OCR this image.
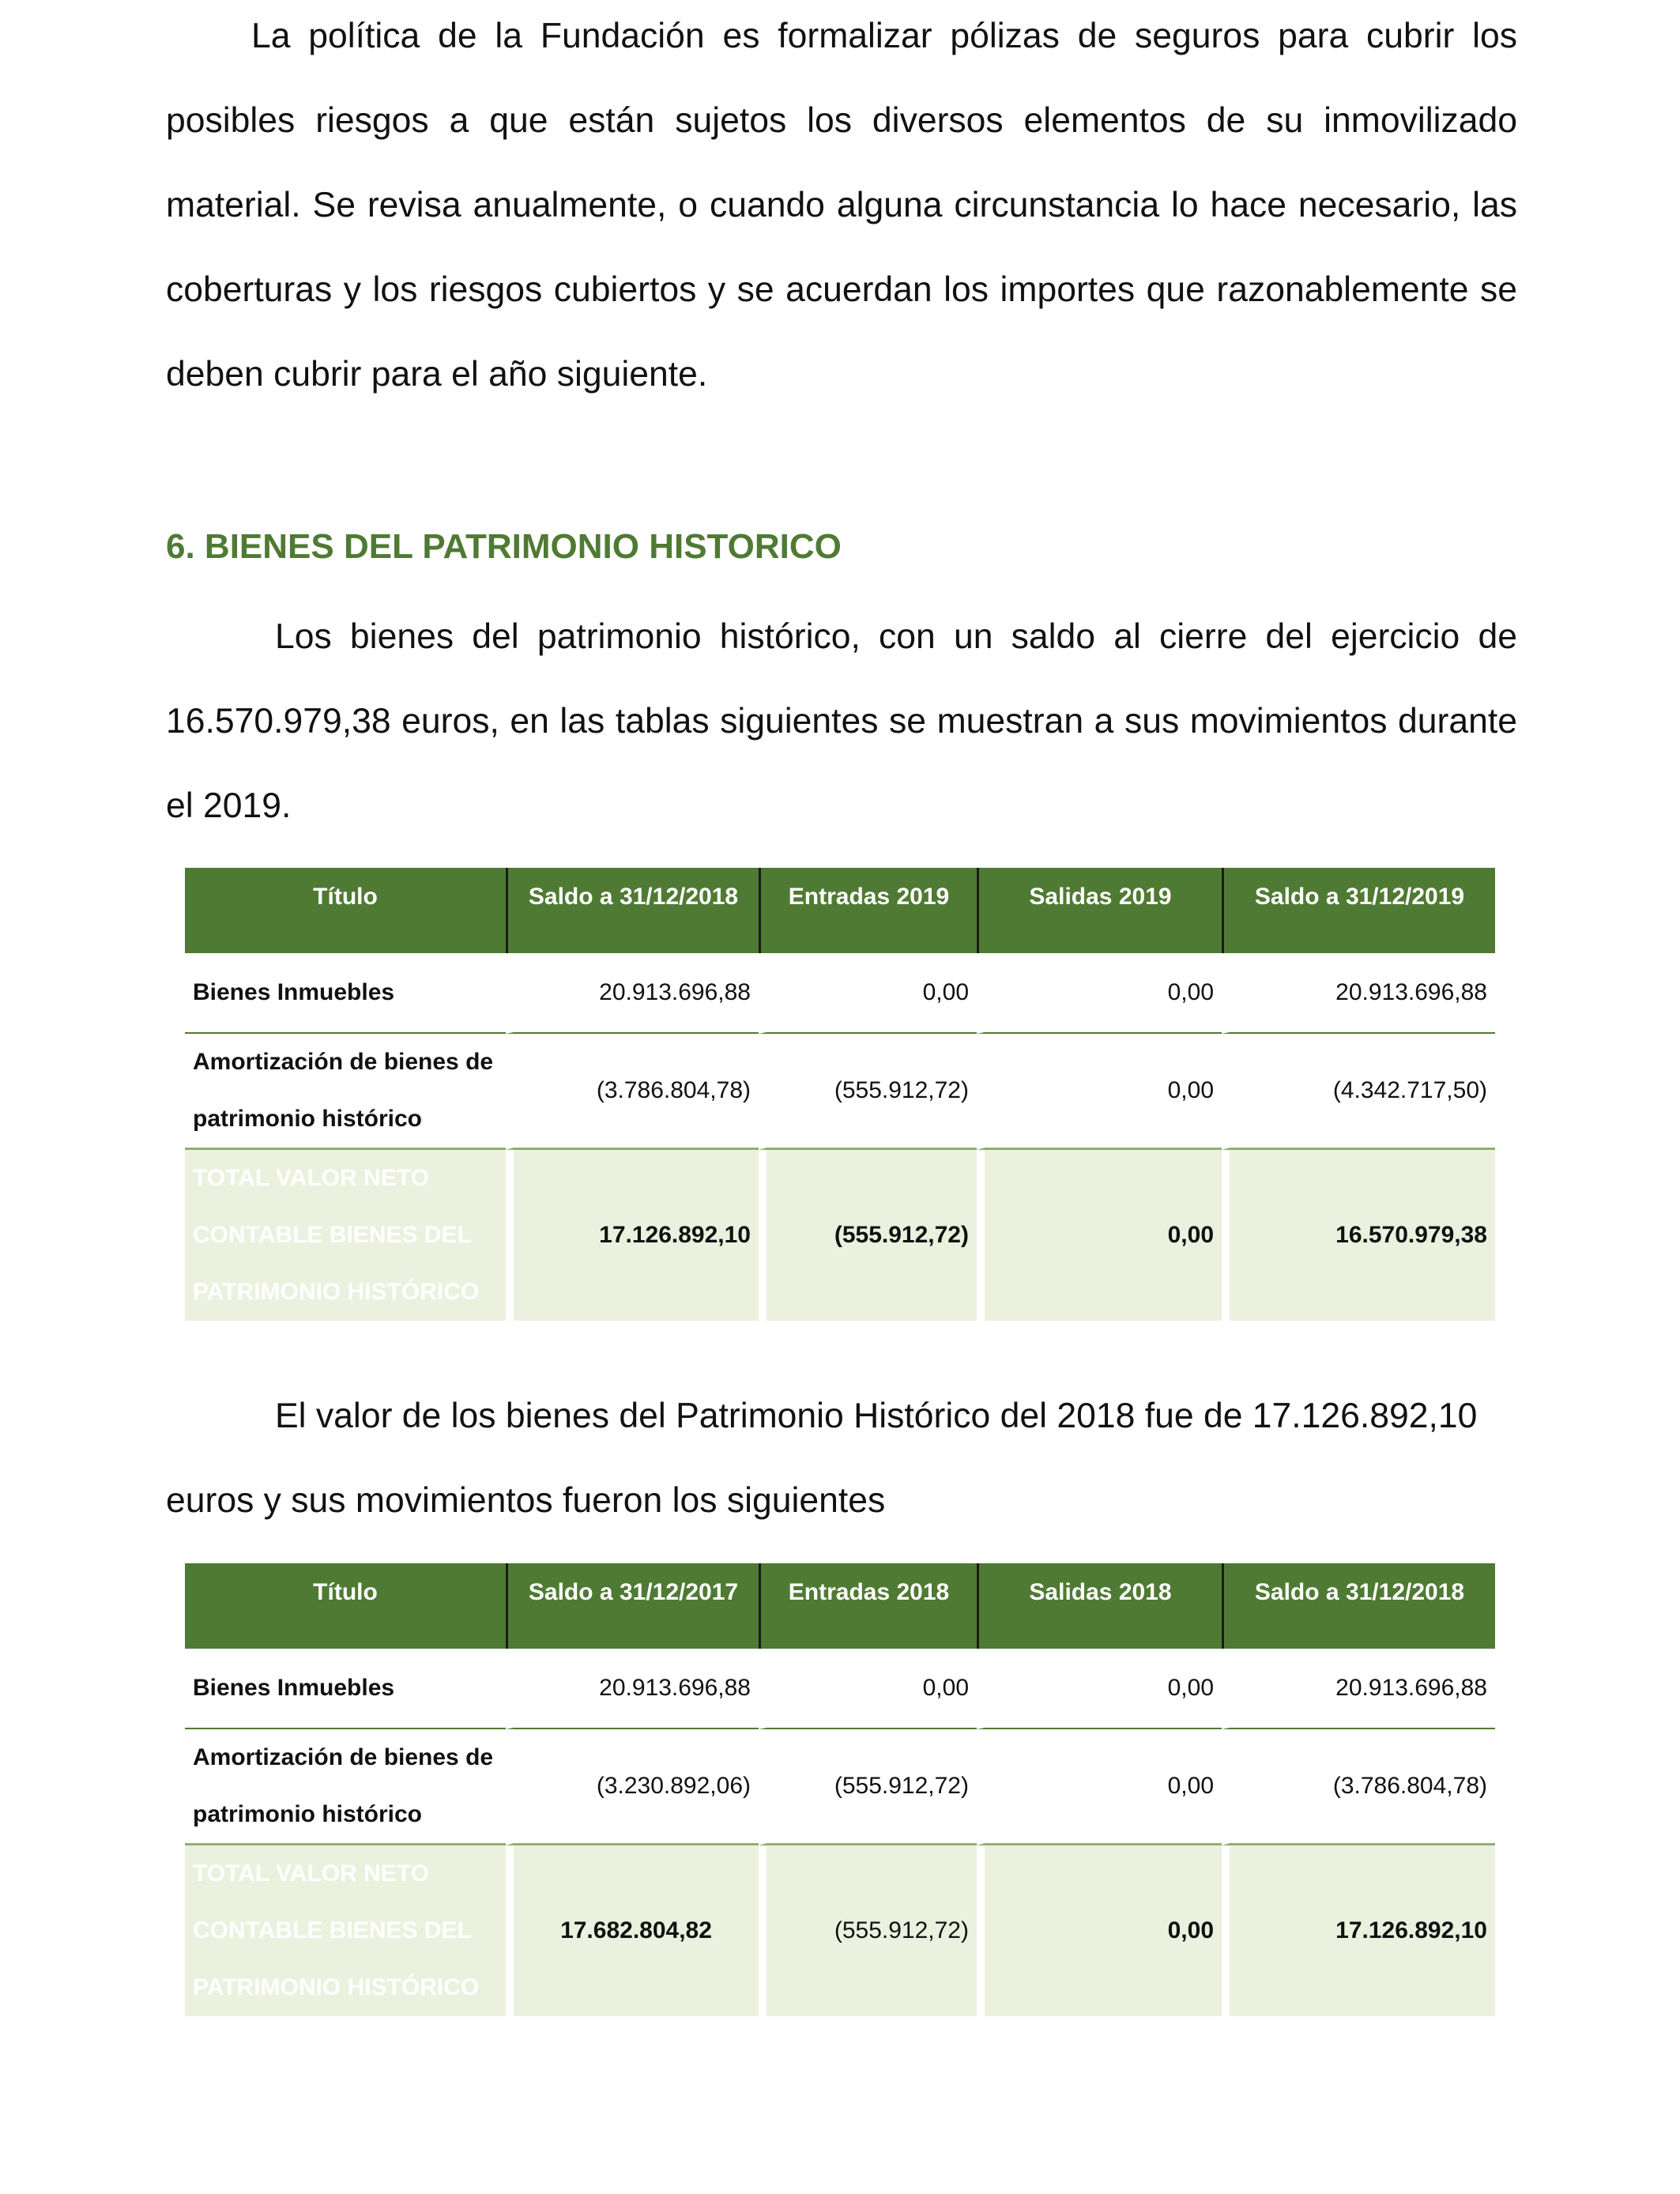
La política de la Fundación es formalizar pólizas de seguros para cubrir los posibles riesgos a que están sujetos los diversos elementos de su inmovilizado material. Se revisa anualmente, o cuando alguna circunstancia lo hace necesario, las coberturas y los riesgos cubiertos y se acuerdan los importes que razonablemente se deben cubrir para el año siguiente.

6. BIENES DEL PATRIMONIO HISTORICO

Los bienes del patrimonio histórico, con un saldo al cierre del ejercicio de 16.570.979,38 euros, en las tablas siguientes se muestran a sus movimientos durante el 2019.

Título	Saldo a 31/12/2018	Entradas 2019	Salidas 2019	Saldo a 31/12/2019
Bienes Inmuebles	20.913.696,88	0,00	0,00	20.913.696,88
Amortización de bienes de patrimonio histórico	(3.786.804,78)	(555.912,72)	0,00	(4.342.717,50)
TOTAL VALOR NETO CONTABLE BIENES DEL PATRIMONIO HISTÓRICO	17.126.892,10	(555.912,72)	0,00	16.570.979,38

El valor de los bienes del Patrimonio Histórico del 2018 fue de 17.126.892,10 euros y sus movimientos fueron los siguientes

Título	Saldo a 31/12/2017	Entradas 2018	Salidas 2018	Saldo a 31/12/2018
Bienes Inmuebles	20.913.696,88	0,00	0,00	20.913.696,88
Amortización de bienes de patrimonio histórico	(3.230.892,06)	(555.912,72)	0,00	(3.786.804,78)
TOTAL VALOR NETO CONTABLE BIENES DEL PATRIMONIO HISTÓRICO	17.682.804,82	(555.912,72)	0,00	17.126.892,10
